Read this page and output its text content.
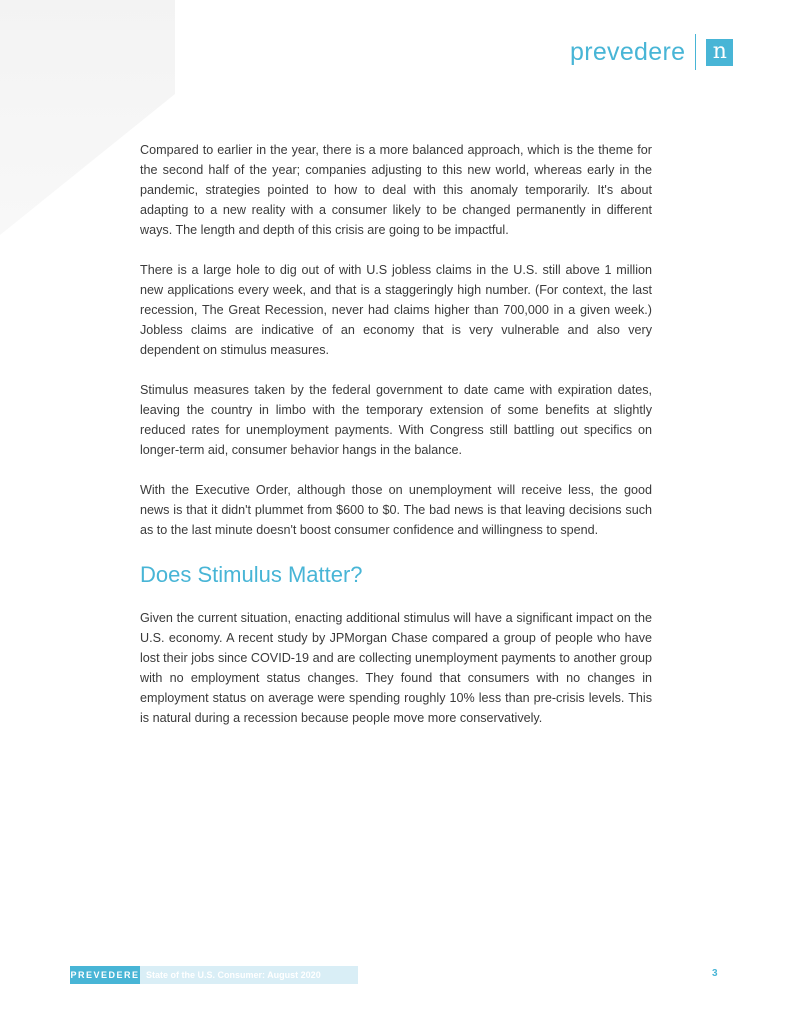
prevedere n

Compared to earlier in the year, there is a more balanced approach, which is the theme for the second half of the year; companies adjusting to this new world, whereas early in the pandemic, strategies pointed to how to deal with this anomaly temporarily. It's about adapting to a new reality with a consumer likely to be changed permanently in different ways. The length and depth of this crisis are going to be impactful.

There is a large hole to dig out of with U.S jobless claims in the U.S. still above 1 million new applications every week, and that is a staggeringly high number. (For context, the last recession, The Great Recession, never had claims higher than 700,000 in a given week.) Jobless claims are indicative of an economy that is very vulnerable and also very dependent on stimulus measures.

Stimulus measures taken by the federal government to date came with expiration dates, leaving the country in limbo with the temporary extension of some benefits at slightly reduced rates for unemployment payments. With Congress still battling out specifics on longer-term aid, consumer behavior hangs in the balance.

With the Executive Order, although those on unemployment will receive less, the good news is that it didn't plummet from $600 to $0. The bad news is that leaving decisions such as to the last minute doesn't boost consumer confidence and willingness to spend.

Does Stimulus Matter?

Given the current situation, enacting additional stimulus will have a significant impact on the U.S. economy. A recent study by JPMorgan Chase compared a group of people who have lost their jobs since COVID-19 and are collecting unemployment payments to another group with no employment status changes. They found that consumers with no changes in employment status on average were spending roughly 10% less than pre-crisis levels. This is natural during a recession because people move more conservatively.

PREVEDERE State of the U.S. Consumer: August 2020	3
